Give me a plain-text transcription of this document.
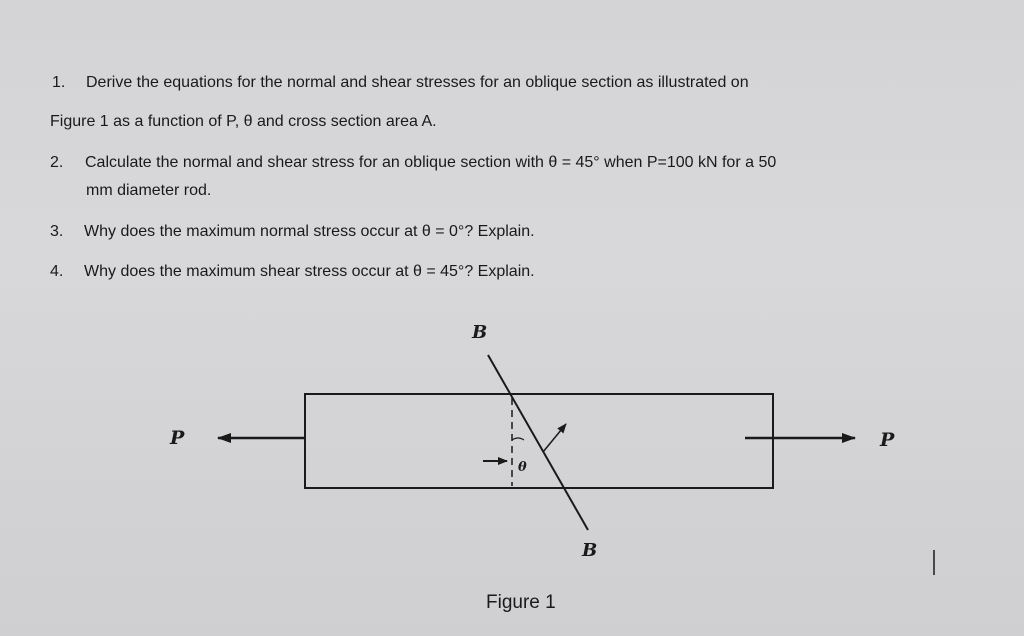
1. Derive the equations for the normal and shear stresses for an oblique section as illustrated on
Figure 1 as a function of P, θ and cross section area A.
2. Calculate the normal and shear stress for an oblique section with θ = 45° when P=100 kN for a 50
mm diameter rod.
3. Why does the maximum normal stress occur at θ = 0°? Explain.
4. Why does the maximum shear stress occur at θ = 45°? Explain.
B
B
P	P
θ
Figure 1
